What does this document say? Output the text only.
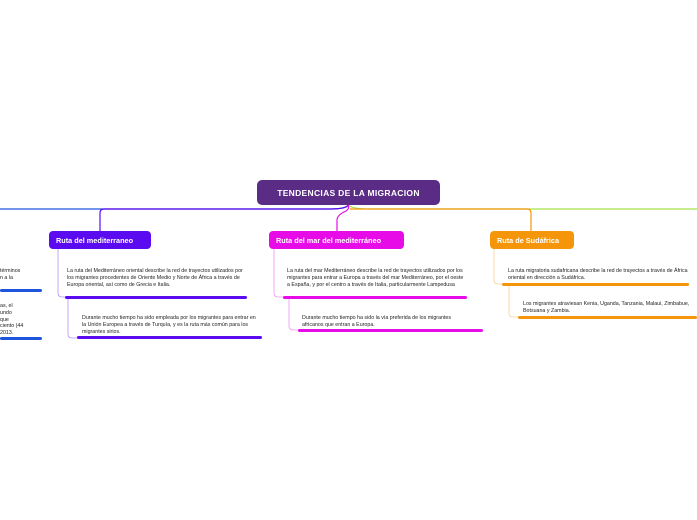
TENDENCIAS DE LA MIGRACION
Ruta del mediterraneo
La ruta del Mediterráneo oriental describe la red de trayectos utilizados por los migrantes procedentes de Oriente Medio y Norte de África a través de Europa oriental, así como de Grecia e Italia.
Durante mucho tiempo ha sido empleada por los migrantes para entrar en la Unión Europea a través de Turquía, y es la ruta más común para los migrantes sirios.
Ruta del mar del mediterráneo
La ruta del mar Mediterráneo describe la red de trayectos utilizados por los migrantes para entrar a Europa a través del mar Mediterráneo, por el oeste a España, y por el centro a través de Italia, particularmente Lampedusa
Durante mucho tiempo ha sido la vía preferida de los migrantes africanos que entran a Europa.
Ruta de Sudáfrica
La ruta migratoria sudafricana describe la red de trayectos a través de África oriental en dirección a Sudáfrica.
Los migrantes atraviesan Kenia, Uganda, Tanzania, Malaui, Zimbabue, Botsuana y Zambia.
términos
n a la
as, el
undo
que
ciento (44
2013.
